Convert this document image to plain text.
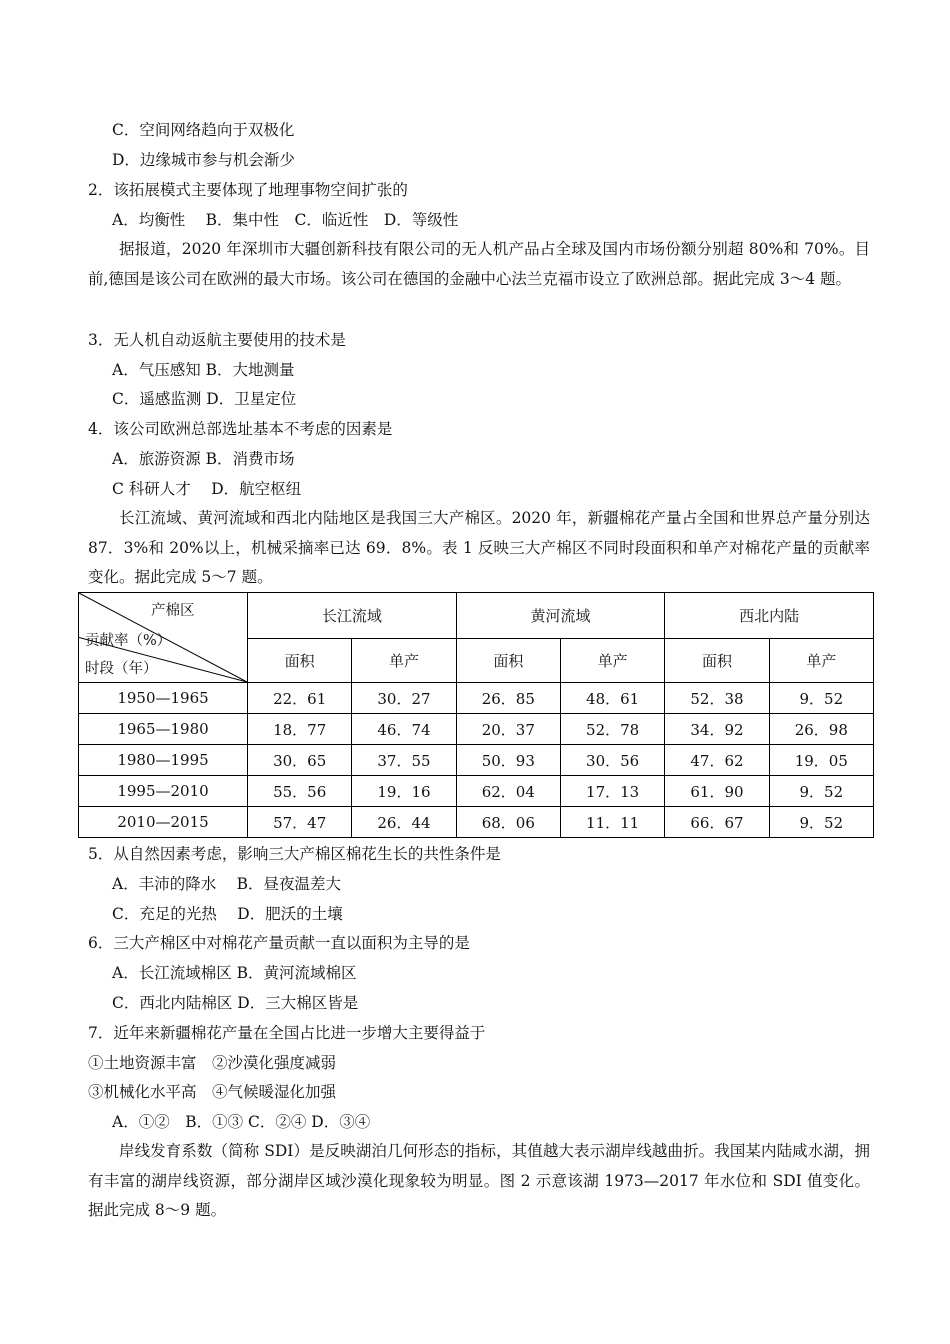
C．空间网络趋向于双极化
D．边缘城市参与机会渐少
2．该拓展模式主要体现了地理事物空间扩张的
A．均衡性　 B．集中性　C．临近性　D．等级性
据报道，2020 年深圳市大疆创新科技有限公司的无人机产品占全球及国内市场份额分别超 80%和 70%。目前,德国是该公司在欧洲的最大市场。该公司在德国的金融中心法兰克福市设立了欧洲总部。据此完成 3～4 题。
3．无人机自动返航主要使用的技术是
A．气压感知 B．大地测量
C．遥感监测 D．卫星定位
4．该公司欧洲总部选址基本不考虑的因素是
A．旅游资源 B．消费市场
C 科研人才　 D．航空枢纽
长江流域、黄河流域和西北内陆地区是我国三大产棉区。2020 年，新疆棉花产量占全国和世界总产量分别达 87．3%和 20%以上，机械采摘率已达 69．8%。表 1 反映三大产棉区不同时段面积和单产对棉花产量的贡献率变化。据此完成 5～7 题。
产棉区
贡献率（%）
时段（年）	长江流域		黄河流域		西北内陆	
	面积	单产	面积	单产	面积	单产
1950—1965	22．61	30．27	26．85	48．61	52．38	9．52
1965—1980	18．77	46．74	20．37	52．78	34．92	26．98
1980—1995	30．65	37．55	50．93	30．56	47．62	19．05
1995—2010	55．56	19．16	62．04	17．13	61．90	9．52
2010—2015	57．47	26．44	68．06	11．11	66．67	9．52
5．从自然因素考虑，影响三大产棉区棉花生长的共性条件是
A．丰沛的降水　 B．昼夜温差大
C．充足的光热　 D．肥沃的土壤
6．三大产棉区中对棉花产量贡献一直以面积为主导的是
A．长江流域棉区 B．黄河流域棉区
C．西北内陆棉区 D．三大棉区皆是
7．近年来新疆棉花产量在全国占比进一步增大主要得益于
①土地资源丰富　②沙漠化强度减弱
③机械化水平高　④气候暖湿化加强
A．①②　B．①③ C．②④ D．③④
岸线发育系数（简称 SDI）是反映湖泊几何形态的指标，其值越大表示湖岸线越曲折。我国某内陆咸水湖，拥有丰富的湖岸线资源，部分湖岸区域沙漠化现象较为明显。图 2 示意该湖 1973—2017 年水位和 SDI 值变化。据此完成 8～9 题。
